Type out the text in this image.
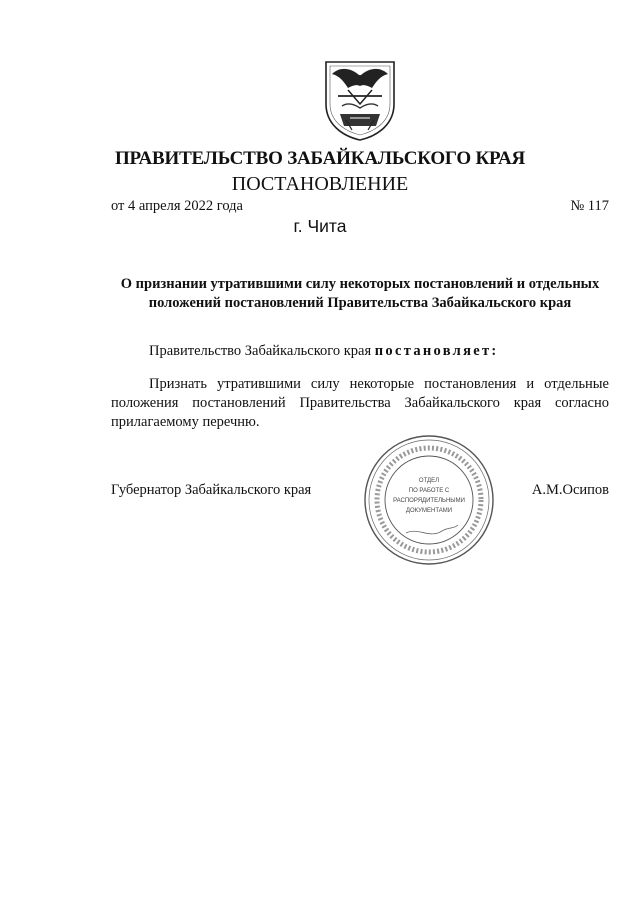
ПРАВИТЕЛЬСТВО ЗАБАЙКАЛЬСКОГО КРАЯ
ПОСТАНОВЛЕНИЕ
от 4 апреля 2022 года	№ 117
г. Чита
О признании утратившими силу некоторых постановлений и отдельных положений постановлений Правительства Забайкальского края
Правительство Забайкальского края постановляет:
Признать утратившими силу некоторые постановления и отдельные положения постановлений Правительства Забайкальского края согласно прилагаемому перечню.
Губернатор Забайкальского края	А.М.Осипов
ОТДЕЛ
ПО РАБОТЕ С
РАСПОРЯДИТЕЛЬНЫМИ
ДОКУМЕНТАМИ
